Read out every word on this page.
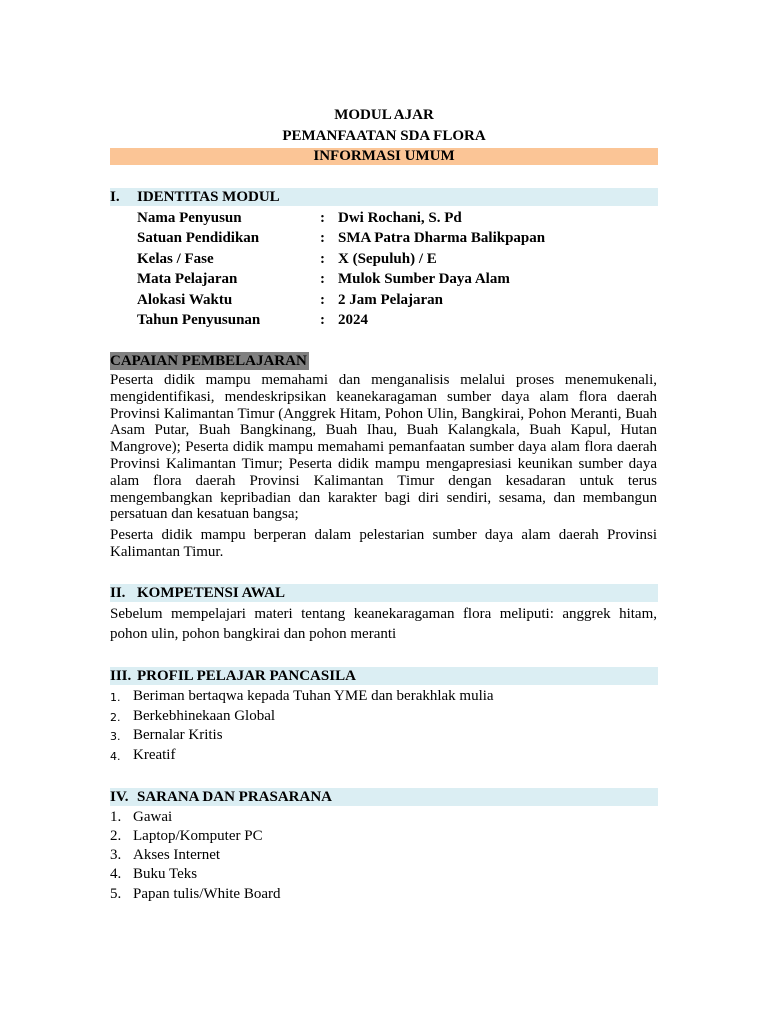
MODUL AJAR
PEMANFAATAN SDA FLORA
INFORMASI UMUM
I. IDENTITAS MODUL
Nama Penyusun	: Dwi Rochani, S. Pd
Satuan Pendidikan	: SMA Patra Dharma Balikpapan
Kelas / Fase	: X (Sepuluh) / E
Mata Pelajaran	: Mulok Sumber Daya Alam
Alokasi Waktu	: 2 Jam Pelajaran
Tahun Penyusunan	: 2024
CAPAIAN PEMBELAJARAN

Peserta didik mampu memahami dan menganalisis melalui proses menemukenali, mengidentifikasi, mendeskripsikan keanekaragaman sumber daya alam flora daerah Provinsi Kalimantan Timur (Anggrek Hitam, Pohon Ulin, Bangkirai, Pohon Meranti, Buah Asam Putar, Buah Bangkinang, Buah Ihau, Buah Kalangkala, Buah Kapul, Hutan Mangrove); Peserta didik mampu memahami pemanfaatan sumber daya alam flora daerah Provinsi Kalimantan Timur; Peserta didik mampu mengapresiasi keunikan sumber daya alam flora daerah Provinsi Kalimantan Timur dengan kesadaran untuk terus mengembangkan kepribadian dan karakter bagi diri sendiri, sesama, dan membangun persatuan dan kesatuan bangsa;

Peserta didik mampu berperan dalam pelestarian sumber daya alam daerah Provinsi Kalimantan Timur.

II. KOMPETENSI AWAL

Sebelum mempelajari materi tentang keanekaragaman flora meliputi: anggrek hitam, pohon ulin, pohon bangkirai dan pohon meranti

III. PROFIL PELAJAR PANCASILA
1. Beriman bertaqwa kepada Tuhan YME dan berakhlak mulia
2. Berkebhinekaan Global
3. Bernalar Kritis
4. Kreatif
IV. SARANA DAN PRASARANA
1. Gawai
2. Laptop/Komputer PC
3. Akses Internet
4. Buku Teks
5. Papan tulis/White Board
